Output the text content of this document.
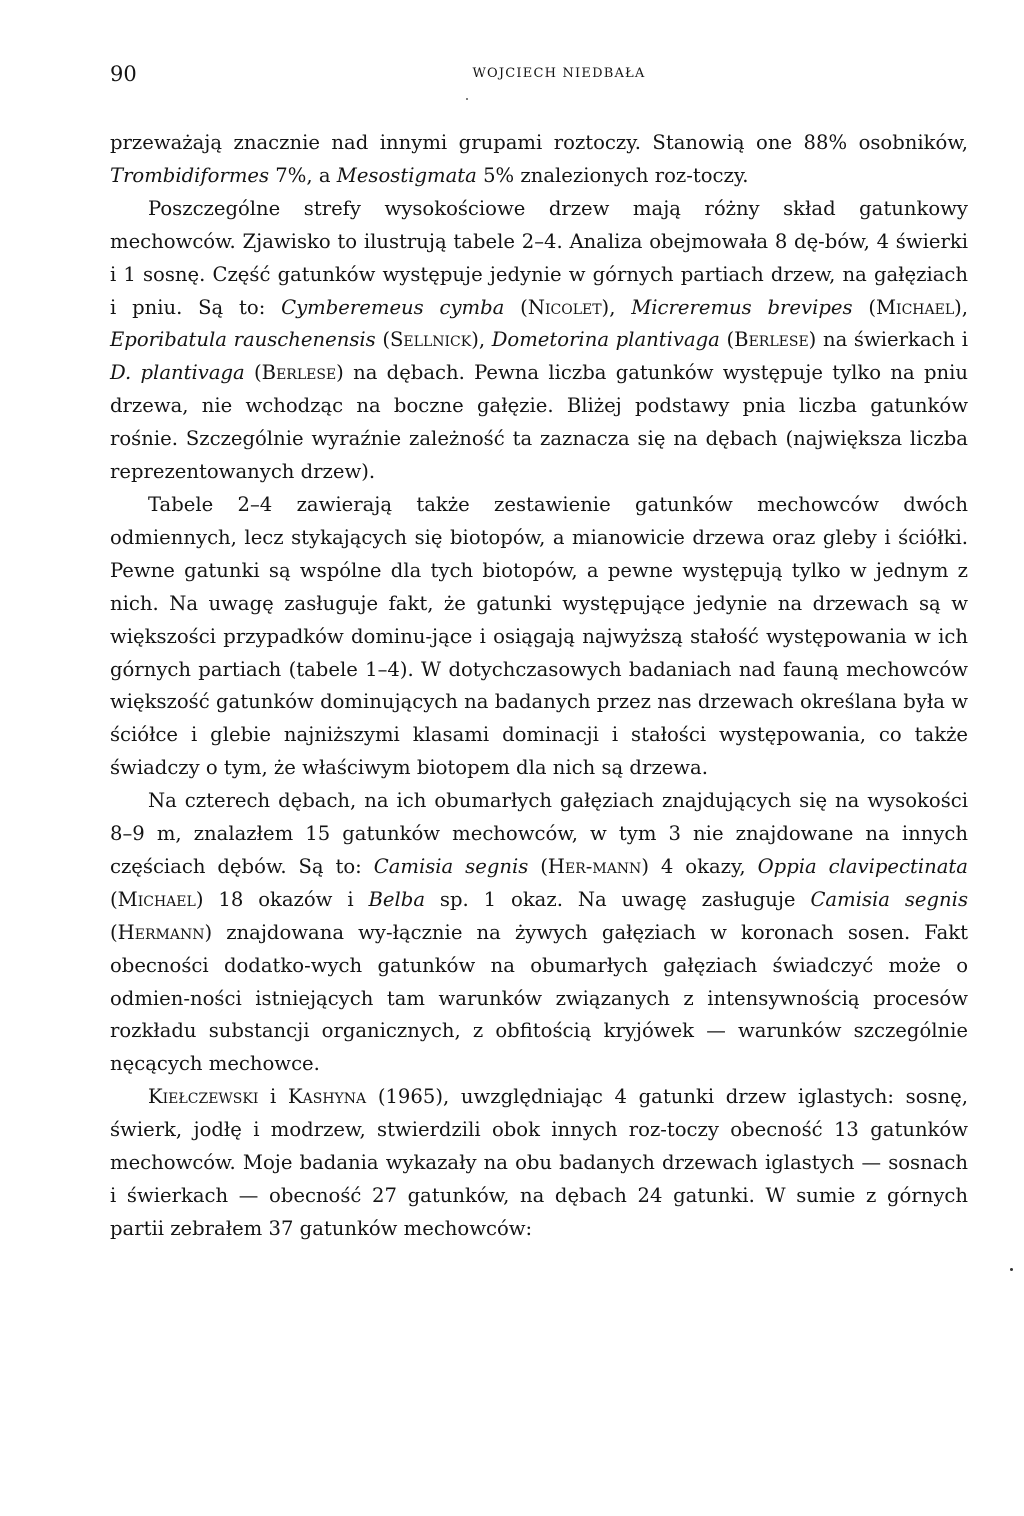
90	WOJCIECH NIEDBAŁA

przeważają znacznie nad innymi grupami roztoczy. Stanowią one 88% osobników, Trombidiformes 7%, a Mesostigmata 5% znalezionych roz-toczy.

Poszczególne strefy wysokościowe drzew mają różny skład gatunkowy mechowców. Zjawisko to ilustrują tabele 2–4. Analiza obejmowała 8 dę-bów, 4 świerki i 1 sosnę. Część gatunków występuje jedynie w górnych partiach drzew, na gałęziach i pniu. Są to: Cymberemeus cymba (Nicolet), Micreremus brevipes (Michael), Eporibatula rauschenensis (Sellnick), Dometorina plantivaga (Berlese) na świerkach i D. plantivaga (Berlese) na dębach. Pewna liczba gatunków występuje tylko na pniu drzewa, nie wchodząc na boczne gałęzie. Bliżej podstawy pnia liczba gatunków rośnie. Szczególnie wyraźnie zależność ta zaznacza się na dębach (największa liczba reprezentowanych drzew).

Tabele 2–4 zawierają także zestawienie gatunków mechowców dwóch odmiennych, lecz stykających się biotopów, a mianowicie drzewa oraz gleby i ściółki. Pewne gatunki są wspólne dla tych biotopów, a pewne występują tylko w jednym z nich. Na uwagę zasługuje fakt, że gatunki występujące jedynie na drzewach są w większości przypadków dominu-jące i osiągają najwyższą stałość występowania w ich górnych partiach (tabele 1–4). W dotychczasowych badaniach nad fauną mechowców większość gatunków dominujących na badanych przez nas drzewach określana była w ściółce i glebie najniższymi klasami dominacji i stałości występowania, co także świadczy o tym, że właściwym biotopem dla nich są drzewa.

Na czterech dębach, na ich obumarłych gałęziach znajdujących się na wysokości 8–9 m, znalazłem 15 gatunków mechowców, w tym 3 nie znajdowane na innych częściach dębów. Są to: Camisia segnis (Her-mann) 4 okazy, Oppia clavipectinata (Michael) 18 okazów i Belba sp. 1 okaz. Na uwagę zasługuje Camisia segnis (Hermann) znajdowana wy-łącznie na żywych gałęziach w koronach sosen. Fakt obecności dodatko-wych gatunków na obumarłych gałęziach świadczyć może o odmien-ności istniejących tam warunków związanych z intensywnością procesów rozkładu substancji organicznych, z obfitością kryjówek — warunków szczególnie nęcących mechowce.

Kiełczewski i Kashyna (1965), uwzględniając 4 gatunki drzew iglastych: sosnę, świerk, jodłę i modrzew, stwierdzili obok innych roz-toczy obecność 13 gatunków mechowców. Moje badania wykazały na obu badanych drzewach iglastych — sosnach i świerkach — obecność 27 gatunków, na dębach 24 gatunki. W sumie z górnych partii zebrałem 37 gatunków mechowców:
